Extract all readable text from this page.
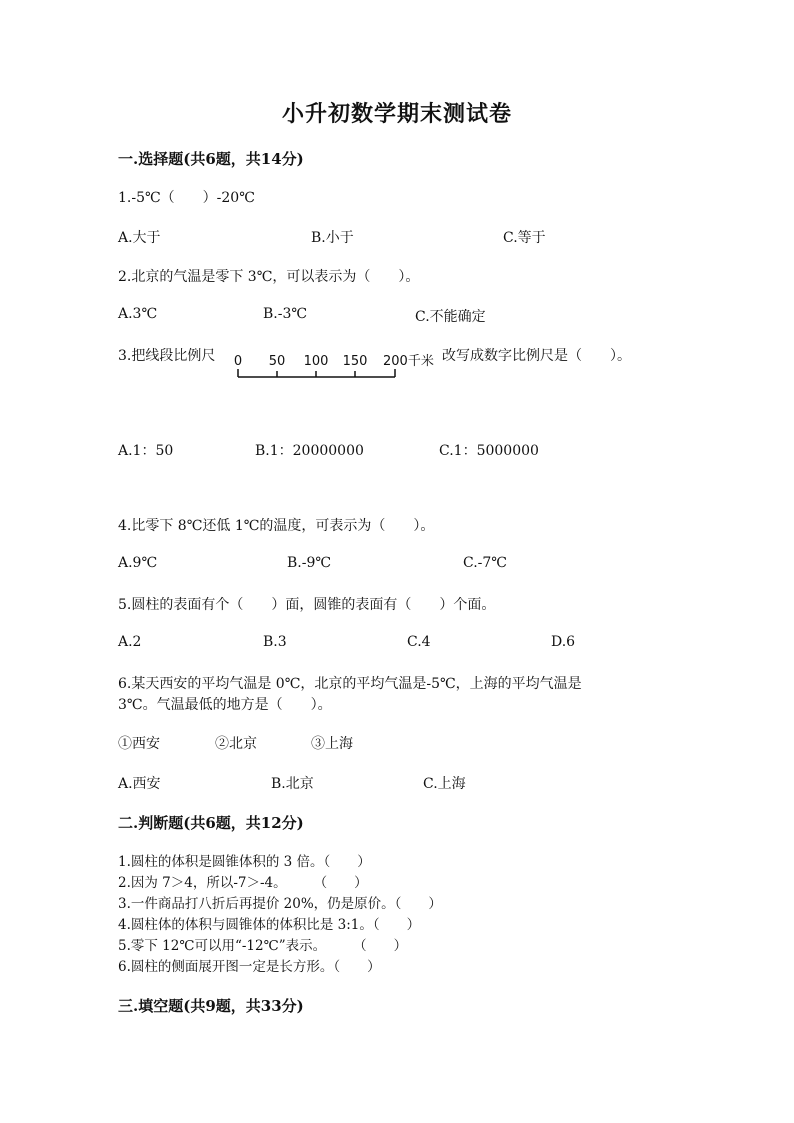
小升初数学期末测试卷
一.选择题(共6题，共14分)
1.-5℃（　　）-20℃
A.大于	B.小于	C.等于
2.北京的气温是零下 3℃，可以表示为（　　）。
A.3℃	B.-3℃	C.不能确定
3.把线段比例尺 0 50 100 150 200千米 改写成数字比例尺是（　　）。
A.1：50	B.1：20000000	C.1：5000000
4.比零下 8℃还低 1℃的温度，可表示为（　　）。
A.9℃	B.-9℃	C.-7℃
5.圆柱的表面有个（　　）面，圆锥的表面有（　　）个面。
A.2	B.3	C.4	D.6
6.某天西安的平均气温是 0℃，北京的平均气温是-5℃，上海的平均气温是
3℃。气温最低的地方是（　　）。
①西安	②北京	③上海
A.西安	B.北京	C.上海
二.判断题(共6题，共12分)
1.圆柱的体积是圆锥体积的 3 倍。（　　）
2.因为 7＞4，所以-7＞-4。　　　（　　）
3.一件商品打八折后再提价 20%，仍是原价。（　　）
4.圆柱体的体积与圆锥体的体积比是 3:1。（　　）
5.零下 12℃可以用“-12℃”表示。　　　（　　）
6.圆柱的侧面展开图一定是长方形。（　　）
三.填空题(共9题，共33分)
